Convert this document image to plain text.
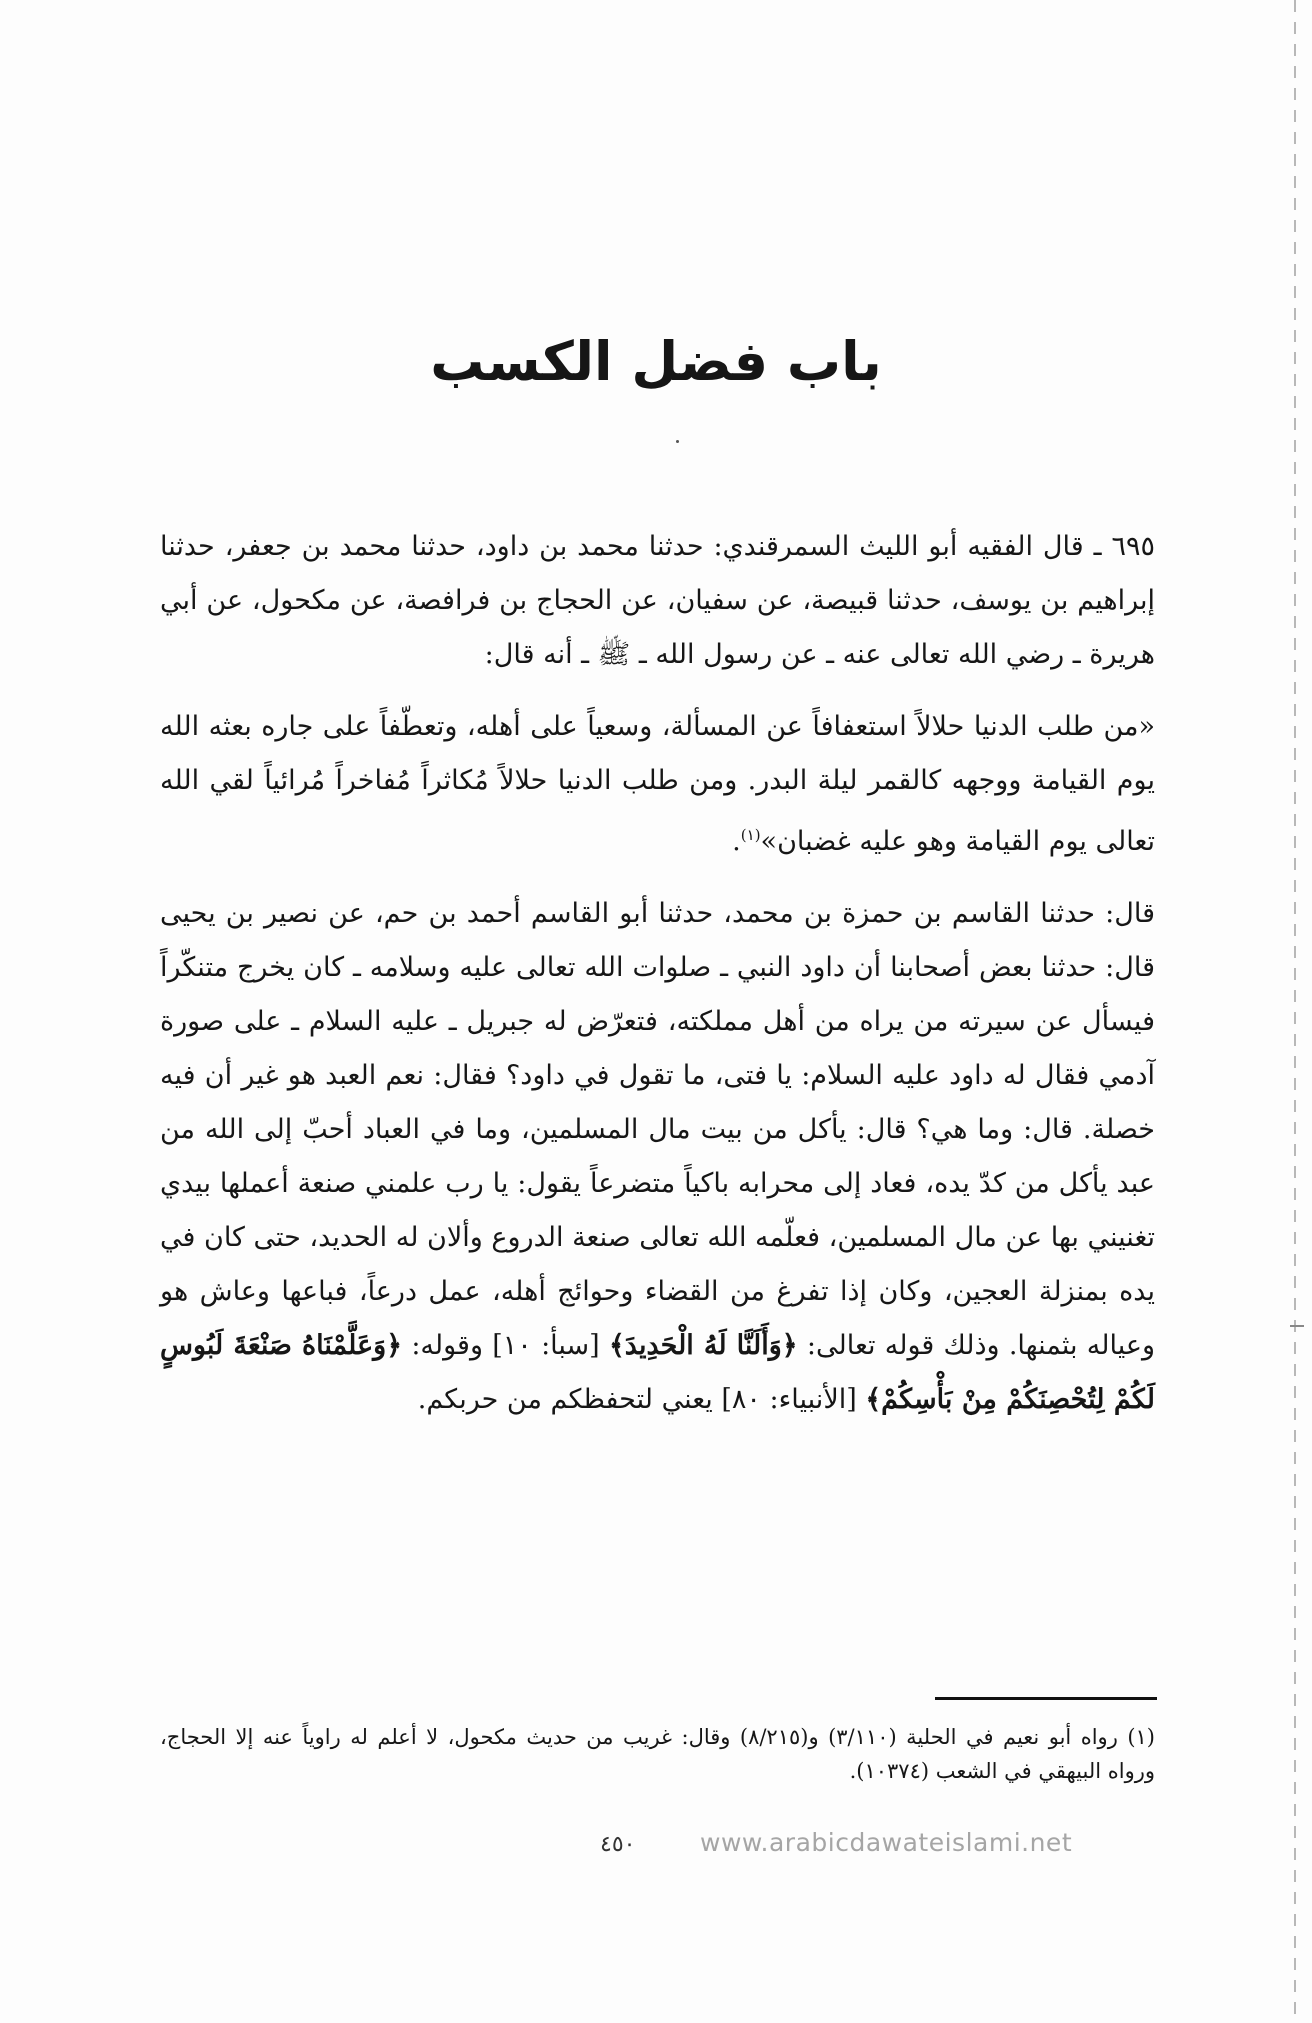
باب فضل الكسب

٦٩٥ ـ قال الفقيه أبو الليث السمرقندي: حدثنا محمد بن داود، حدثنا محمد بن جعفر، حدثنا إبراهيم بن يوسف، حدثنا قبيصة، عن سفيان، عن الحجاج بن فرافصة، عن مكحول، عن أبي هريرة ـ رضي الله تعالى عنه ـ عن رسول الله ـ ﷺ ـ أنه قال:

«من طلب الدنيا حلالاً استعفافاً عن المسألة، وسعياً على أهله، وتعطّفاً على جاره بعثه الله يوم القيامة ووجهه كالقمر ليلة البدر. ومن طلب الدنيا حلالاً مُكاثراً مُفاخراً مُرائياً لقي الله تعالى يوم القيامة وهو عليه غضبان»$^{(١)}$.

قال: حدثنا القاسم بن حمزة بن محمد، حدثنا أبو القاسم أحمد بن حم، عن نصير بن يحيى قال: حدثنا بعض أصحابنا أن داود النبي ـ صلوات الله تعالى عليه وسلامه ـ كان يخرج متنكّراً فيسأل عن سيرته من يراه من أهل مملكته، فتعرّض له جبريل ـ عليه السلام ـ على صورة آدمي فقال له داود عليه السلام: يا فتى، ما تقول في داود؟ فقال: نعم العبد هو غير أن فيه خصلة. قال: وما هي؟ قال: يأكل من بيت مال المسلمين، وما في العباد أحبّ إلى الله من عبد يأكل من كدّ يده، فعاد إلى محرابه باكياً متضرعاً يقول: يا رب علمني صنعة أعملها بيدي تغنيني بها عن مال المسلمين، فعلّمه الله تعالى صنعة الدروع وألان له الحديد، حتى كان في يده بمنزلة العجين، وكان إذا تفرغ من القضاء وحوائج أهله، عمل درعاً، فباعها وعاش هو وعياله بثمنها. وذلك قوله تعالى: ﴿وَأَلَنَّا لَهُ الْحَدِيدَ﴾ [سبأ: ١٠] وقوله: ﴿وَعَلَّمْنَاهُ صَنْعَةَ لَبُوسٍ لَكُمْ لِتُحْصِنَكُمْ مِنْ بَأْسِكُمْ﴾ [الأنبياء: ٨٠] يعني لتحفظكم من حربكم.

(١) رواه أبو نعيم في الحلية (٣/١١٠) و(٨/٢١٥) وقال: غريب من حديث مكحول، لا أعلم له راوياً عنه إلا الحجاج، ورواه البيهقي في الشعب (١٠٣٧٤).
٤٥٠	www.arabicdawateislami.net
